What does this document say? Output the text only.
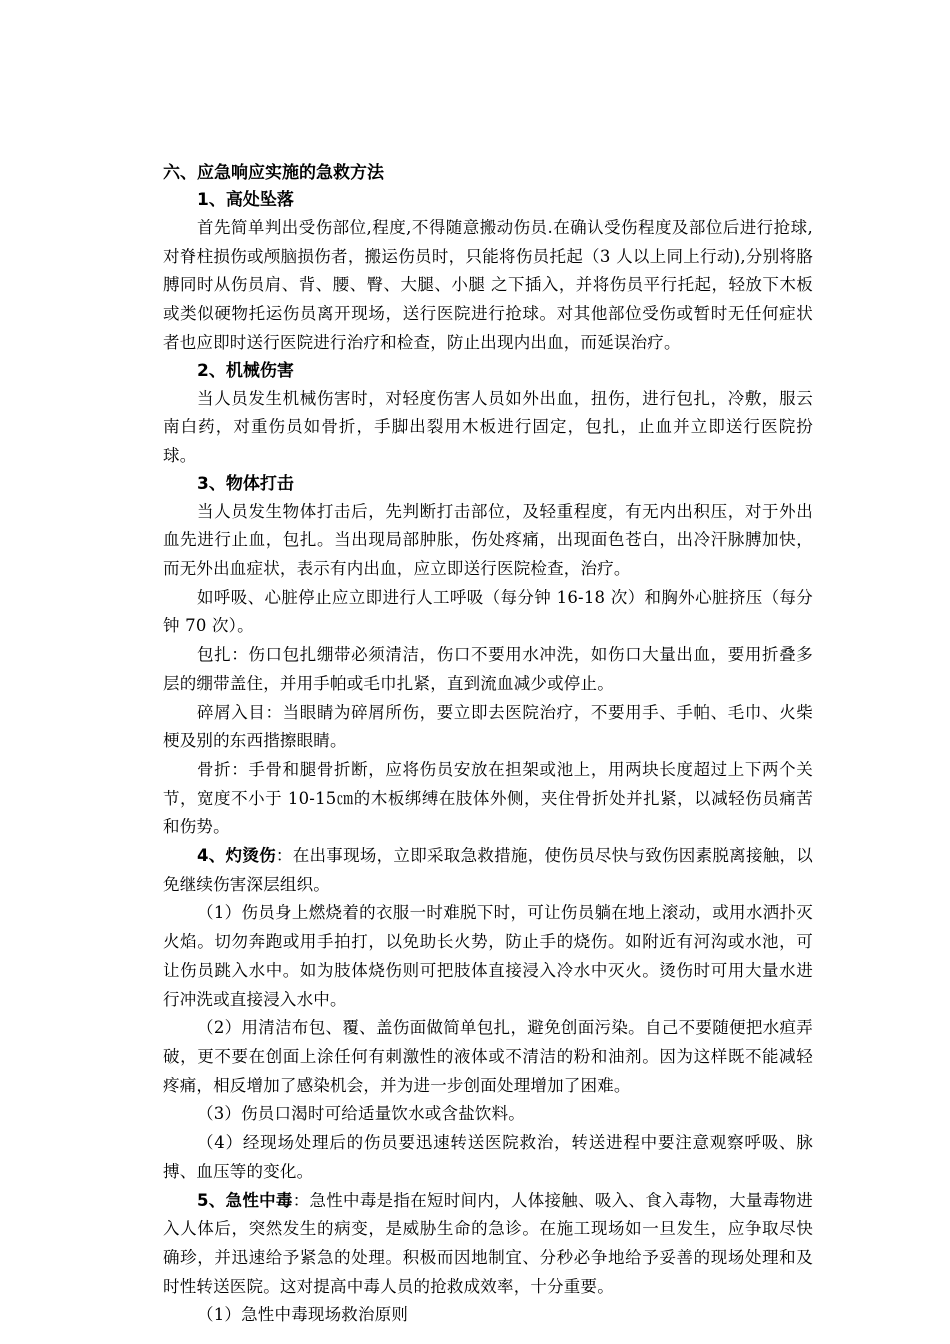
六、应急响应实施的急救方法

1、高处坠落

首先简单判出受伤部位,程度,不得随意搬动伤员.在确认受伤程度及部位后进行抢球,对脊柱损伤或颅脑损伤者，搬运伤员时，只能将伤员托起（3 人以上同上行动),分别将胳膊同时从伤员肩、背、腰、臀、大腿、小腿 之下插入，并将伤员平行托起，轻放下木板或类似硬物托运伤员离开现场，送行医院进行抢球。对其他部位受伤或暂时无任何症状者也应即时送行医院进行治疗和检查，防止出现内出血，而延误治疗。

2、机械伤害

当人员发生机械伤害时，对轻度伤害人员如外出血，扭伤，进行包扎，冷敷，服云南白药，对重伤员如骨折，手脚出裂用木板进行固定，包扎，止血并立即送行医院扮球。

3、物体打击

当人员发生物体打击后，先判断打击部位，及轻重程度，有无内出积压，对于外出血先进行止血，包扎。当出现局部肿胀，伤处疼痛，出现面色苍白，出冷汗脉膊加快，而无外出血症状，表示有内出血，应立即送行医院检查，治疗。

如呼吸、心脏停止应立即进行人工呼吸（每分钟 16-18 次）和胸外心脏挤压（每分钟 70 次）。

包扎：伤口包扎绷带必须清洁，伤口不要用水冲洗，如伤口大量出血，要用折叠多层的绷带盖住，并用手帕或毛巾扎紧，直到流血减少或停止。

碎屑入目：当眼睛为碎屑所伤，要立即去医院治疗，不要用手、手帕、毛巾、火柴梗及别的东西揩擦眼睛。

骨折：手骨和腿骨折断，应将伤员安放在担架或池上，用两块长度超过上下两个关节，宽度不小于 10-15㎝的木板绑缚在肢体外侧，夹住骨折处并扎紧，以减轻伤员痛苦和伤势。

4、灼烫伤：在出事现场，立即采取急救措施，使伤员尽快与致伤因素脱离接触，以免继续伤害深层组织。

（1）伤员身上燃烧着的衣服一时难脱下时，可让伤员躺在地上滚动，或用水洒扑灭火焰。切勿奔跑或用手拍打，以免助长火势，防止手的烧伤。如附近有河沟或水池，可让伤员跳入水中。如为肢体烧伤则可把肢体直接浸入冷水中灭火。烫伤时可用大量水进行冲洗或直接浸入水中。

（2）用清洁布包、覆、盖伤面做简单包扎，避免创面污染。自己不要随便把水疸弄破，更不要在创面上涂任何有刺激性的液体或不清洁的粉和油剂。因为这样既不能减轻疼痛，相反增加了感染机会，并为进一步创面处理增加了困难。

（3）伤员口渴时可给适量饮水或含盐饮料。

（4）经现场处理后的伤员要迅速转送医院救治，转送进程中要注意观察呼吸、脉搏、血压等的变化。

5、急性中毒：急性中毒是指在短时间内，人体接触、吸入、食入毒物，大量毒物进入人体后，突然发生的病变，是威胁生命的急诊。在施工现场如一旦发生，应争取尽快确珍，并迅速给予紧急的处理。积极而因地制宜、分秒必争地给予妥善的现场处理和及时性转送医院。这对提高中毒人员的抢救成效率，十分重要。

（1）急性中毒现场救治原则
